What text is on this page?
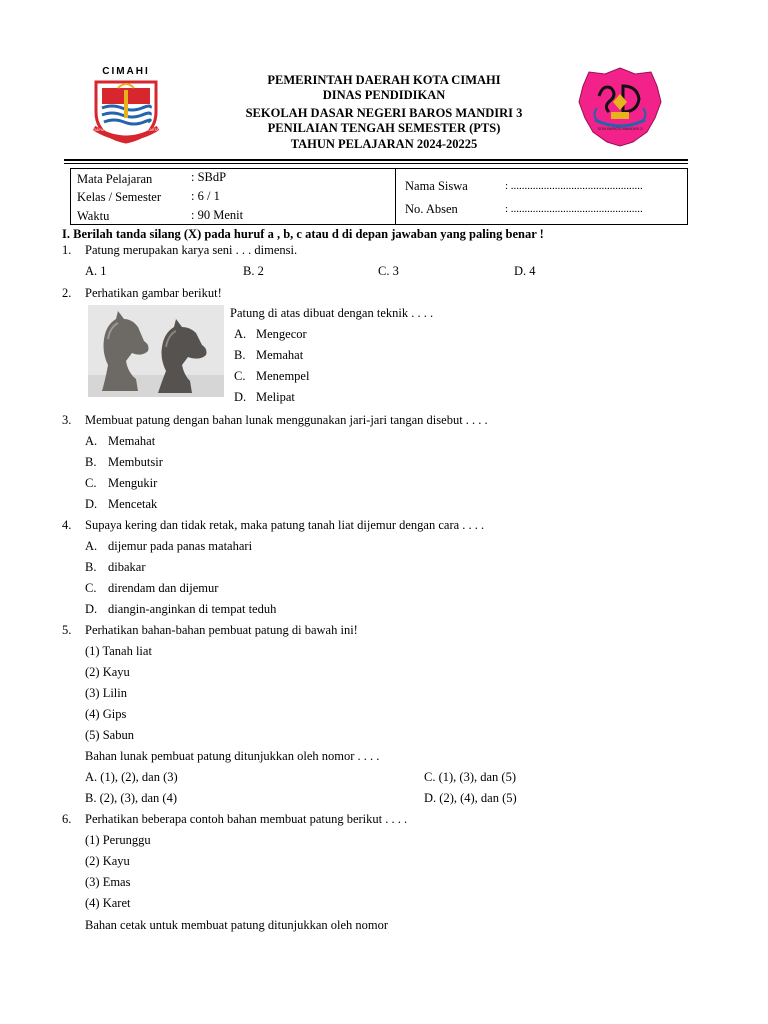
CIMAHI
GAPURA WARANGGANA JAGAT KARTA	SDN BAROS MANDIRI 3
PEMERINTAH DAERAH KOTA CIMAHI
DINAS PENDIDIKAN
SEKOLAH DASAR NEGERI BAROS MANDIRI 3
PENILAIAN TENGAH SEMESTER (PTS)
TAHUN PELAJARAN 2024-20225
Mata Pelajaran	: SBdP
Kelas / Semester : 6 / 1
Waktu	: 90 Menit
Nama Siswa	: ................................................
No. Absen	: ................................................
I. Berilah tanda silang (X) pada huruf a , b, c atau d di depan jawaban yang paling benar !
1. Patung merupakan karya seni . . . dimensi.
A. 1	B. 2	C. 3	D. 4
2. Perhatikan gambar berikut!
Patung di atas dibuat dengan teknik . . . .
A. Mengecor
B. Memahat
C. Menempel
D. Melipat
3. Membuat patung dengan bahan lunak menggunakan jari-jari tangan disebut . . . .
A. Memahat
B. Membutsir
C. Mengukir
D. Mencetak
4. Supaya kering dan tidak retak, maka patung tanah liat dijemur dengan cara . . . .
A. dijemur pada panas matahari
B. dibakar
C. direndam dan dijemur
D. diangin-anginkan di tempat teduh
5. Perhatikan bahan-bahan pembuat patung di bawah ini!
(1) Tanah liat
(2) Kayu
(3) Lilin
(4) Gips
(5) Sabun
Bahan lunak pembuat patung ditunjukkan oleh nomor . . . .
A. (1), (2), dan (3)	C. (1), (3), dan (5)
B. (2), (3), dan (4)	D. (2), (4), dan (5)
6. Perhatikan beberapa contoh bahan membuat patung berikut . . . .
(1) Perunggu
(2) Kayu
(3) Emas
(4) Karet
Bahan cetak untuk membuat patung ditunjukkan oleh nomor
